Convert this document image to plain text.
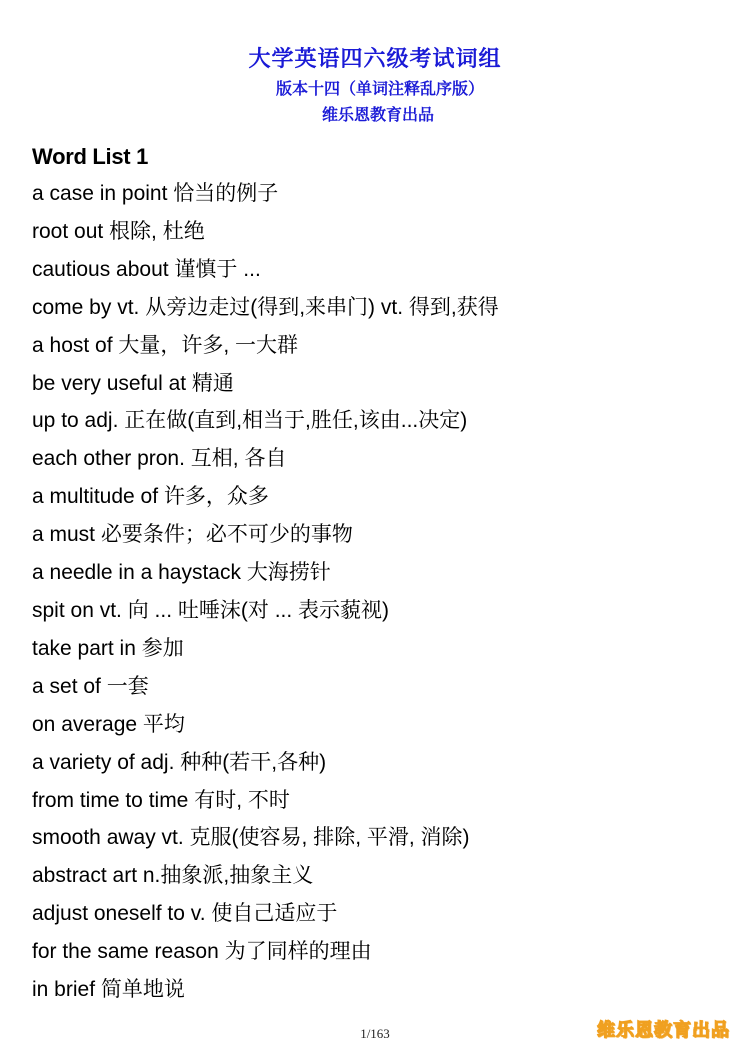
大学英语四六级考试词组
版本十四（单词注释乱序版）
维乐恩教育出品
Word List 1
a case in point 恰当的例子
root out 根除, 杜绝
cautious about 谨慎于 ...
come by vt. 从旁边走过(得到,来串门) vt. 得到,获得
a host of 大量，许多, 一大群
be very useful at 精通
up to adj. 正在做(直到,相当于,胜任,该由...决定)
each other pron. 互相, 各自
a multitude of 许多，众多
a must 必要条件；必不可少的事物
a needle in a haystack 大海捞针
spit on vt. 向 ... 吐唾沫(对 ... 表示藐视)
take part in 参加
a set of 一套
on average 平均
a variety of adj. 种种(若干,各种)
from time to time 有时, 不时
smooth away vt. 克服(使容易, 排除, 平滑, 消除)
abstract art n.抽象派,抽象主义
adjust oneself to v. 使自己适应于
for the same reason 为了同样的理由
in brief 简单地说
1/163	维乐恩教育出品
